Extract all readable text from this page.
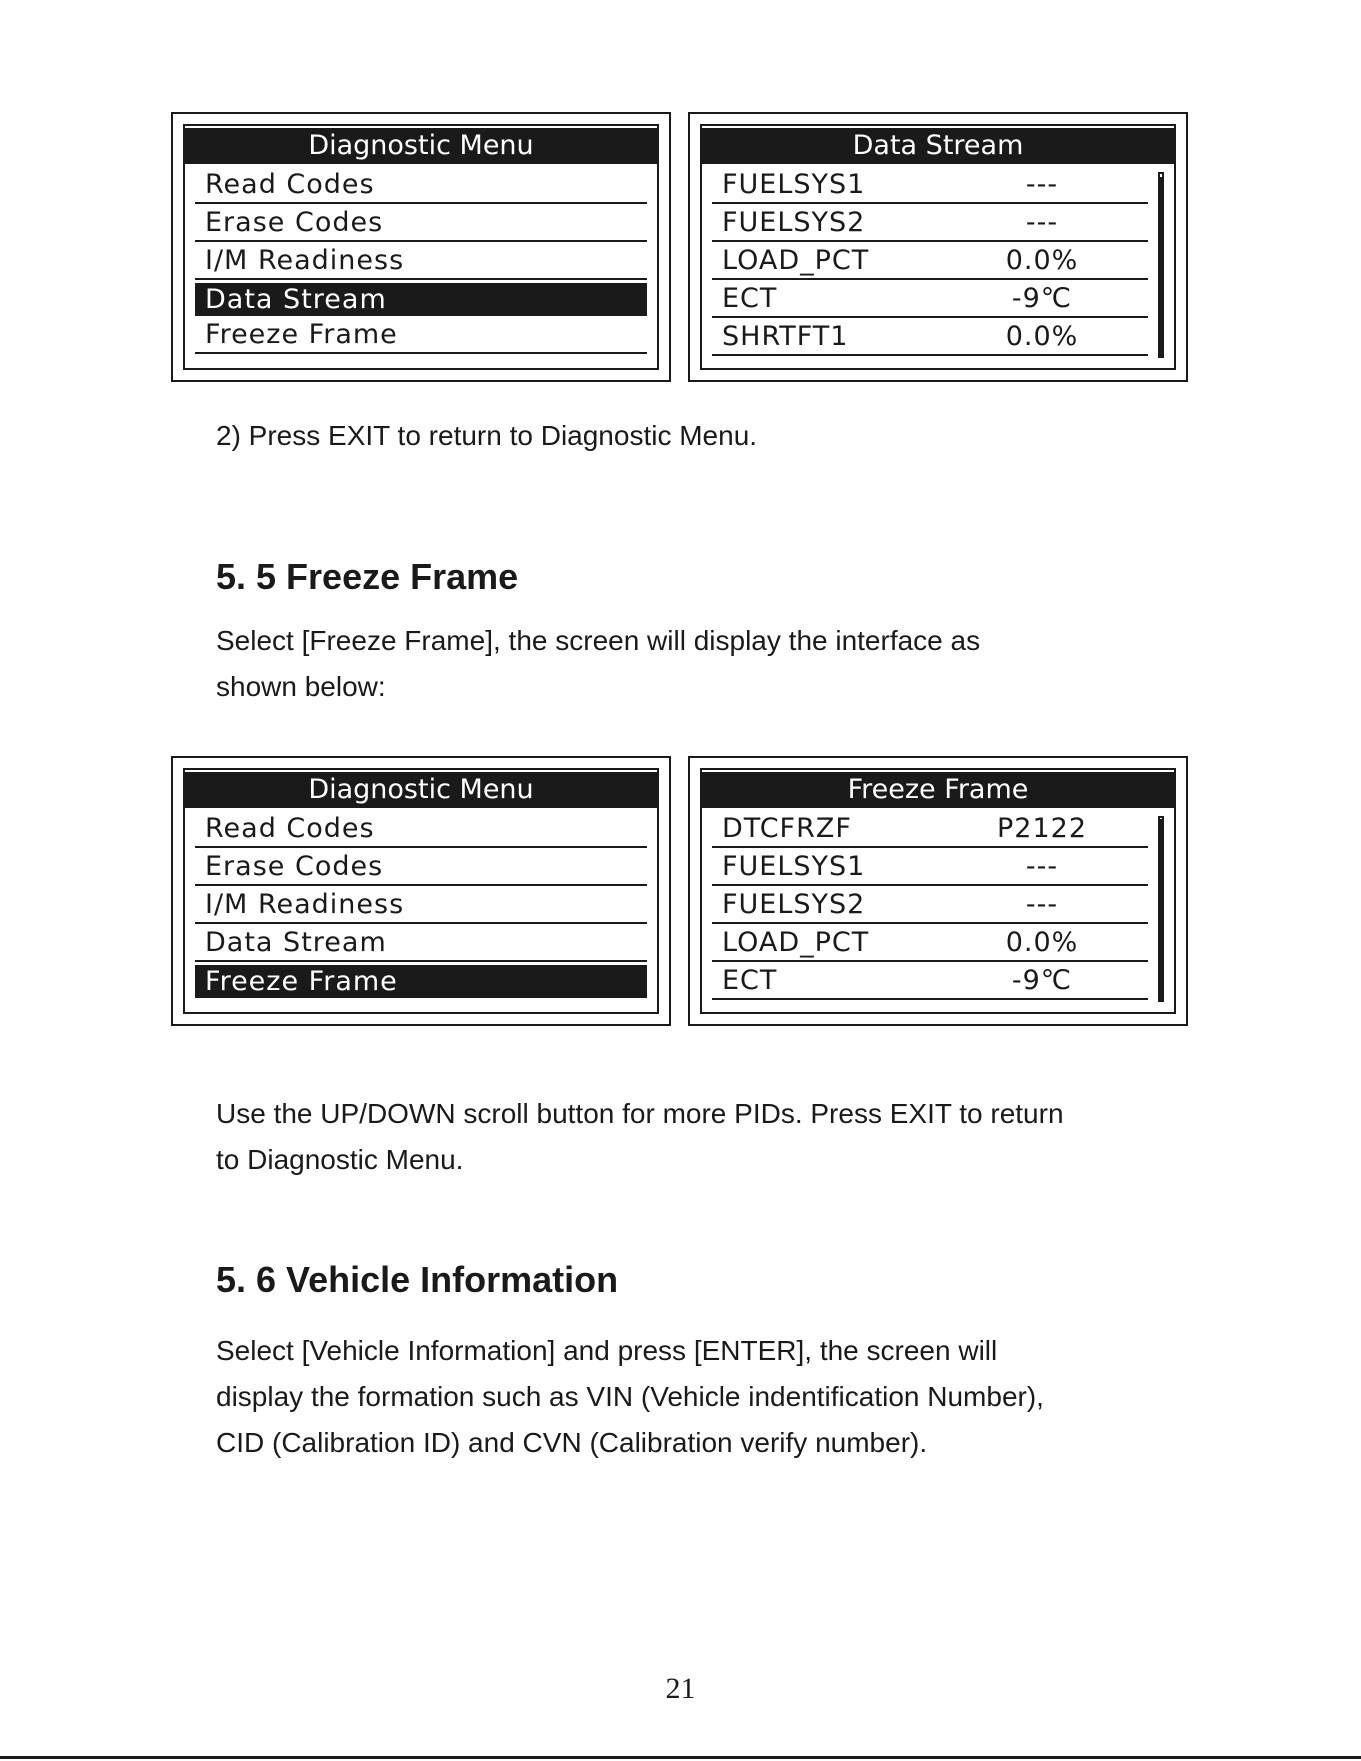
Diagnostic Menu
Read Codes
Erase Codes
I/M Readiness
Data Stream
Freeze Frame
Data Stream
FUELSYS1	---
FUELSYS2	---
LOAD_PCT	0.0%
ECT	-9℃
SHRTFT1	0.0%

2) Press EXIT to return to Diagnostic Menu.

5. 5 Freeze Frame

Select [Freeze Frame], the screen will display the interface as

shown below:

Diagnostic Menu
Read Codes
Erase Codes
I/M Readiness
Data Stream
Freeze Frame
Freeze Frame
DTCFRZF	P2122
FUELSYS1	---
FUELSYS2	---
LOAD_PCT	0.0%
ECT	-9℃

Use the UP/DOWN scroll button for more PIDs. Press EXIT to return

to Diagnostic Menu.

5. 6 Vehicle Information

Select [Vehicle Information] and press [ENTER], the screen will

display the formation such as VIN (Vehicle indentification Number),

CID (Calibration ID) and CVN (Calibration verify number).

21
